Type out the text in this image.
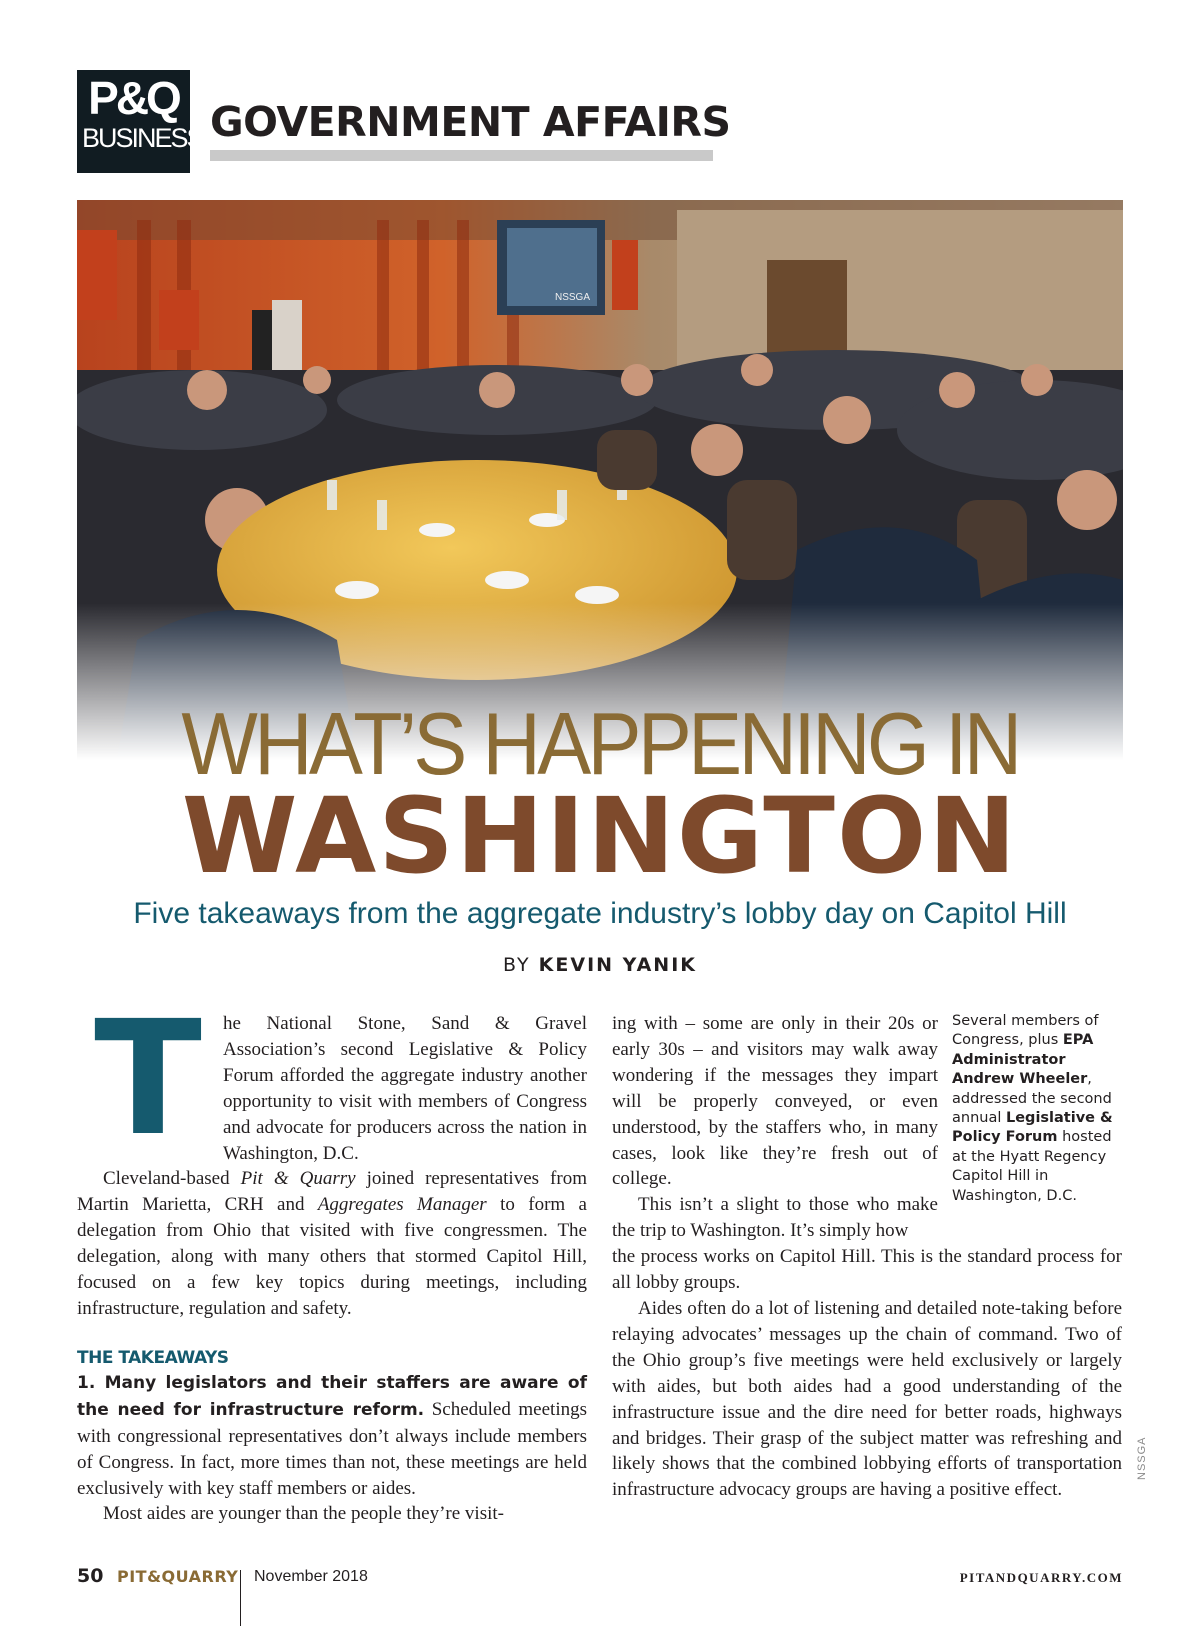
P&Q
BUSINESS GOVERNMENT AFFAIRS
WHAT’S HAPPENING IN
WASHINGTON
Five takeaways from the aggregate industry’s lobby day on Capitol Hill
BY KEVIN YANIK

T	he National Stone, Sand & Gravel Association’s second Legislative & Policy Forum afforded the aggregate industry another opportunity to visit with members of Congress and advocate for producers across the nation in Washington, D.C.

Cleveland-based Pit & Quarry joined representatives from Martin Marietta, CRH and Aggregates Manager to form a delegation from Ohio that visited with five congressmen. The delegation, along with many others that stormed Capitol Hill, focused on a few key topics during meetings, including infrastructure, regulation and safety.

THE TAKEAWAYS

1. Many legislators and their staffers are aware of the need for infrastructure reform. Scheduled meetings with congressional representatives don’t always include members of Congress. In fact, more times than not, these meetings are held exclusively with key staff members or aides.

Most aides are younger than the people they’re visit-

ing with – some are only in their 20s or early 30s – and visitors may walk away wondering if the messages they impart will be properly conveyed, or even understood, by the staffers who, in many cases, look like they’re fresh out of college.

This isn’t a slight to those who make the trip to Washington. It’s simply how

the process works on Capitol Hill. This is the standard process for all lobby groups.

Aides often do a lot of listening and detailed note-taking before relaying advocates’ messages up the chain of command. Two of the Ohio group’s five meetings were held exclusively or largely with aides, but both aides had a good understanding of the infrastructure issue and the dire need for better roads, highways and bridges. Their grasp of the subject matter was refreshing and likely shows that the combined lobbying efforts of transportation infrastructure advocacy groups are having a positive effect.

Several members of Congress, plus EPA Administrator Andrew Wheeler, addressed the second annual Legislative & Policy Forum hosted at the Hyatt Regency Capitol Hill in Washington, D.C.
NSSGA
50 PIT&QUARRY November 2018	PITANDQUARRY.COM
